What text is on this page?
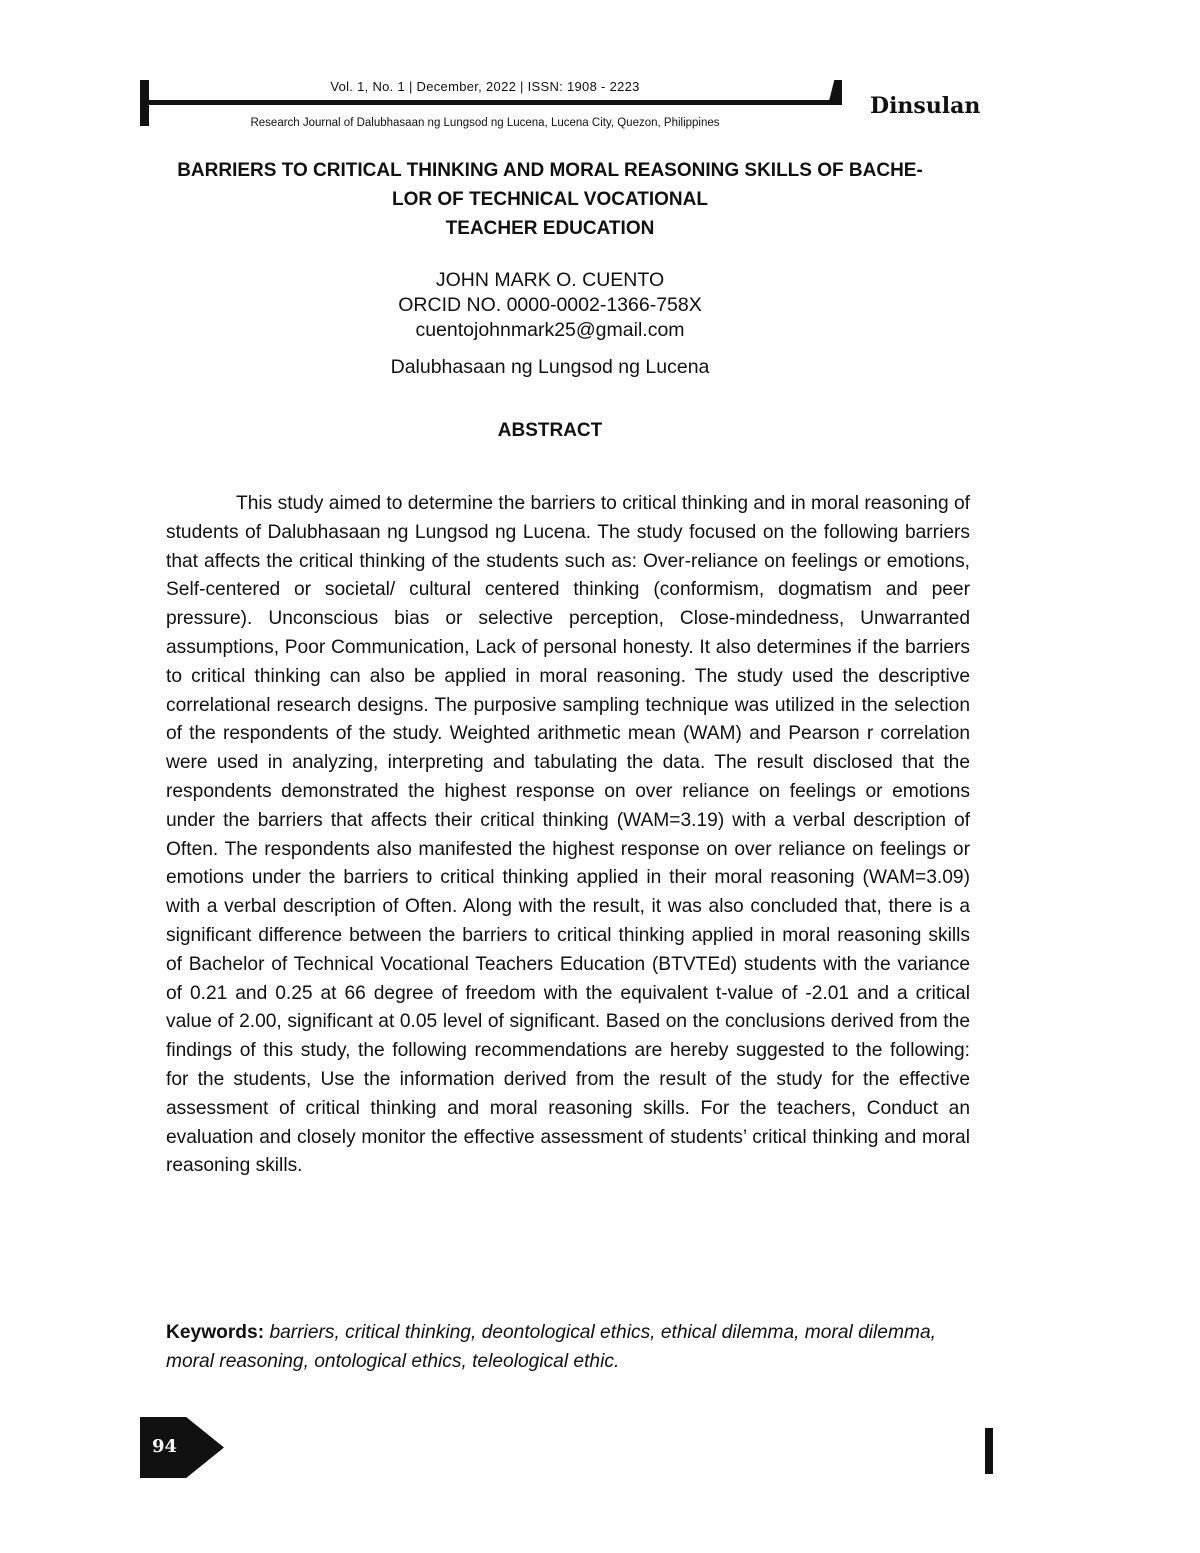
Vol. 1, No. 1 | December, 2022 | ISSN: 1908 - 2223
Research Journal of Dalubhasaan ng Lungsod ng Lucena, Lucena City, Quezon, Philippines
Dinsulan
BARRIERS TO CRITICAL THINKING AND MORAL REASONING SKILLS OF BACHE-
LOR OF TECHNICAL VOCATIONAL
TEACHER EDUCATION
JOHN MARK O. CUENTO
ORCID NO. 0000-0002-1366-758X
cuentojohnmark25@gmail.com
Dalubhasaan ng Lungsod ng Lucena
ABSTRACT

This study aimed to determine the barriers to critical thinking and in moral reasoning of students of Dalubhasaan ng Lungsod ng Lucena. The study focused on the following barriers that affects the critical thinking of the students such as: Over-reliance on feelings or emotions, Self-centered or societal/ cultural centered thinking (conformism, dogmatism and peer pressure). Unconscious bias or selective perception, Close-mindedness, Unwarranted assumptions, Poor Communication, Lack of personal honesty. It also determines if the barriers to critical thinking can also be applied in moral reasoning. The study used the descriptive correlational research designs. The purposive sampling technique was utilized in the selection of the respondents of the study. Weighted arithmetic mean (WAM) and Pearson r correlation were used in analyzing, interpreting and tabulating the data. The result disclosed that the respondents demonstrated the highest response on over reliance on feelings or emotions under the barriers that affects their critical thinking (WAM=3.19) with a verbal description of Often. The respondents also manifested the highest response on over reliance on feelings or emotions under the barriers to critical thinking applied in their moral reasoning (WAM=3.09) with a verbal description of Often. Along with the result, it was also concluded that, there is a significant difference between the barriers to critical thinking applied in moral reasoning skills of Bachelor of Technical Vocational Teachers Education (BTVTEd) students with the variance of 0.21 and 0.25 at 66 degree of freedom with the equivalent t-value of -2.01 and a critical value of 2.00, significant at 0.05 level of significant. Based on the conclusions derived from the findings of this study, the following recommendations are hereby suggested to the following: for the students, Use the information derived from the result of the study for the effective assessment of critical thinking and moral reasoning skills. For the teachers, Conduct an evaluation and closely monitor the effective assessment of students’ critical thinking and moral reasoning skills.

Keywords: barriers, critical thinking, deontological ethics, ethical dilemma, moral dilemma, moral reasoning, ontological ethics, teleological ethic.

94
